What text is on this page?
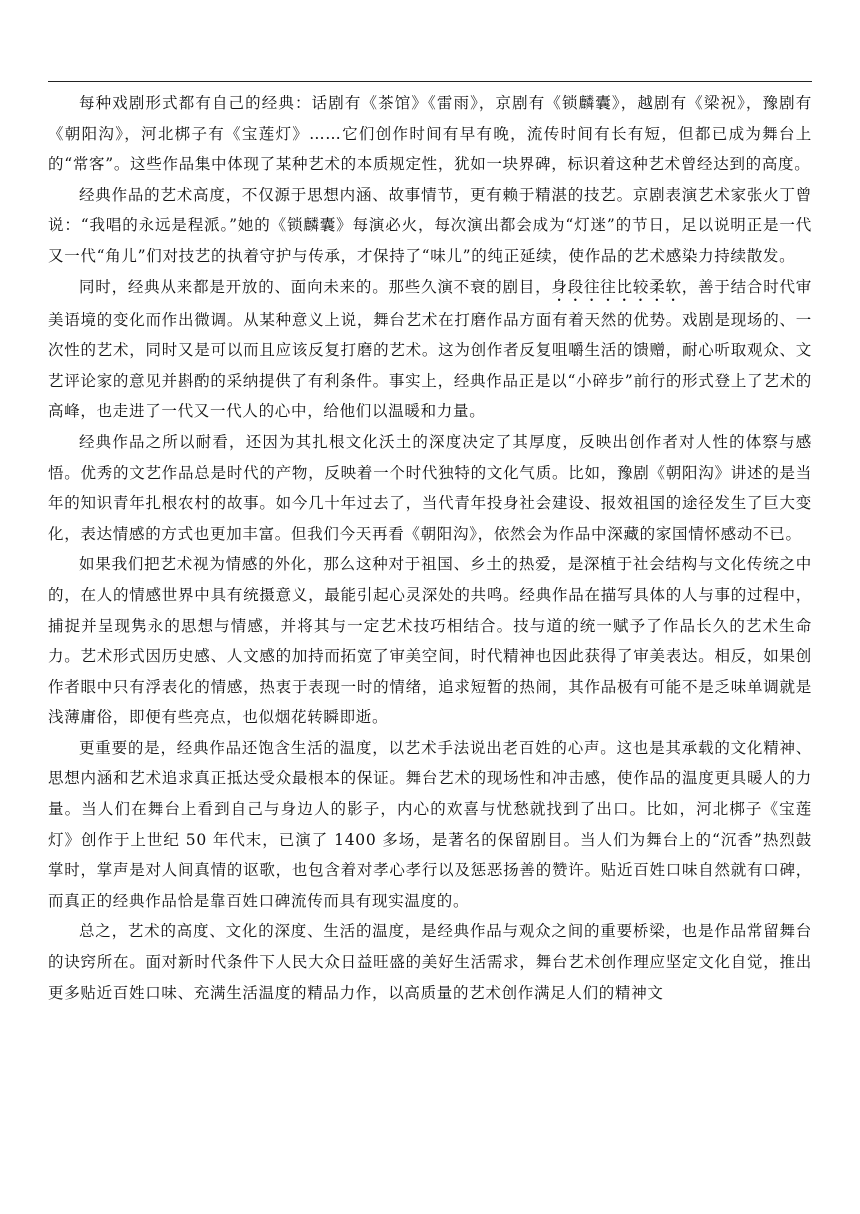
每种戏剧形式都有自己的经典：话剧有《茶馆》《雷雨》，京剧有《锁麟囊》，越剧有《梁祝》，豫剧有《朝阳沟》，河北梆子有《宝莲灯》……它们创作时间有早有晚，流传时间有长有短，但都已成为舞台上的“常客”。这些作品集中体现了某种艺术的本质规定性，犹如一块界碑，标识着这种艺术曾经达到的高度。

经典作品的艺术高度，不仅源于思想内涵、故事情节，更有赖于精湛的技艺。京剧表演艺术家张火丁曾说：“我唱的永远是程派。”她的《锁麟囊》每演必火，每次演出都会成为“灯迷”的节日，足以说明正是一代又一代“角儿”们对技艺的执着守护与传承，才保持了“味儿”的纯正延续，使作品的艺术感染力持续散发。

同时，经典从来都是开放的、面向未来的。那些久演不衰的剧目，身段往往比较柔软，善于结合时代审美语境的变化而作出微调。从某种意义上说，舞台艺术在打磨作品方面有着天然的优势。戏剧是现场的、一次性的艺术，同时又是可以而且应该反复打磨的艺术。这为创作者反复咀嚼生活的馈赠，耐心听取观众、文艺评论家的意见并斟酌的采纳提供了有利条件。事实上，经典作品正是以“小碎步”前行的形式登上了艺术的高峰，也走进了一代又一代人的心中，给他们以温暖和力量。

经典作品之所以耐看，还因为其扎根文化沃土的深度决定了其厚度，反映出创作者对人性的体察与感悟。优秀的文艺作品总是时代的产物，反映着一个时代独特的文化气质。比如，豫剧《朝阳沟》讲述的是当年的知识青年扎根农村的故事。如今几十年过去了，当代青年投身社会建设、报效祖国的途径发生了巨大变化，表达情感的方式也更加丰富。但我们今天再看《朝阳沟》，依然会为作品中深藏的家国情怀感动不已。

如果我们把艺术视为情感的外化，那么这种对于祖国、乡土的热爱，是深植于社会结构与文化传统之中的，在人的情感世界中具有统摄意义，最能引起心灵深处的共鸣。经典作品在描写具体的人与事的过程中，捕捉并呈现隽永的思想与情感，并将其与一定艺术技巧相结合。技与道的统一赋予了作品长久的艺术生命力。艺术形式因历史感、人文感的加持而拓宽了审美空间，时代精神也因此获得了审美表达。相反，如果创作者眼中只有浮表化的情感，热衷于表现一时的情绪，追求短暂的热闹，其作品极有可能不是乏味单调就是浅薄庸俗，即便有些亮点，也似烟花转瞬即逝。

更重要的是，经典作品还饱含生活的温度，以艺术手法说出老百姓的心声。这也是其承载的文化精神、思想内涵和艺术追求真正抵达受众最根本的保证。舞台艺术的现场性和冲击感，使作品的温度更具暖人的力量。当人们在舞台上看到自己与身边人的影子，内心的欢喜与忧愁就找到了出口。比如，河北梆子《宝莲灯》创作于上世纪 50 年代末，已演了 1400 多场，是著名的保留剧目。当人们为舞台上的“沉香”热烈鼓掌时，掌声是对人间真情的讴歌，也包含着对孝心孝行以及惩恶扬善的赞许。贴近百姓口味自然就有口碑，而真正的经典作品恰是靠百姓口碑流传而具有现实温度的。

总之，艺术的高度、文化的深度、生活的温度，是经典作品与观众之间的重要桥梁，也是作品常留舞台的诀窍所在。面对新时代条件下人民大众日益旺盛的美好生活需求，舞台艺术创作理应坚定文化自觉，推出更多贴近百姓口味、充满生活温度的精品力作，以高质量的艺术创作满足人们的精神文
